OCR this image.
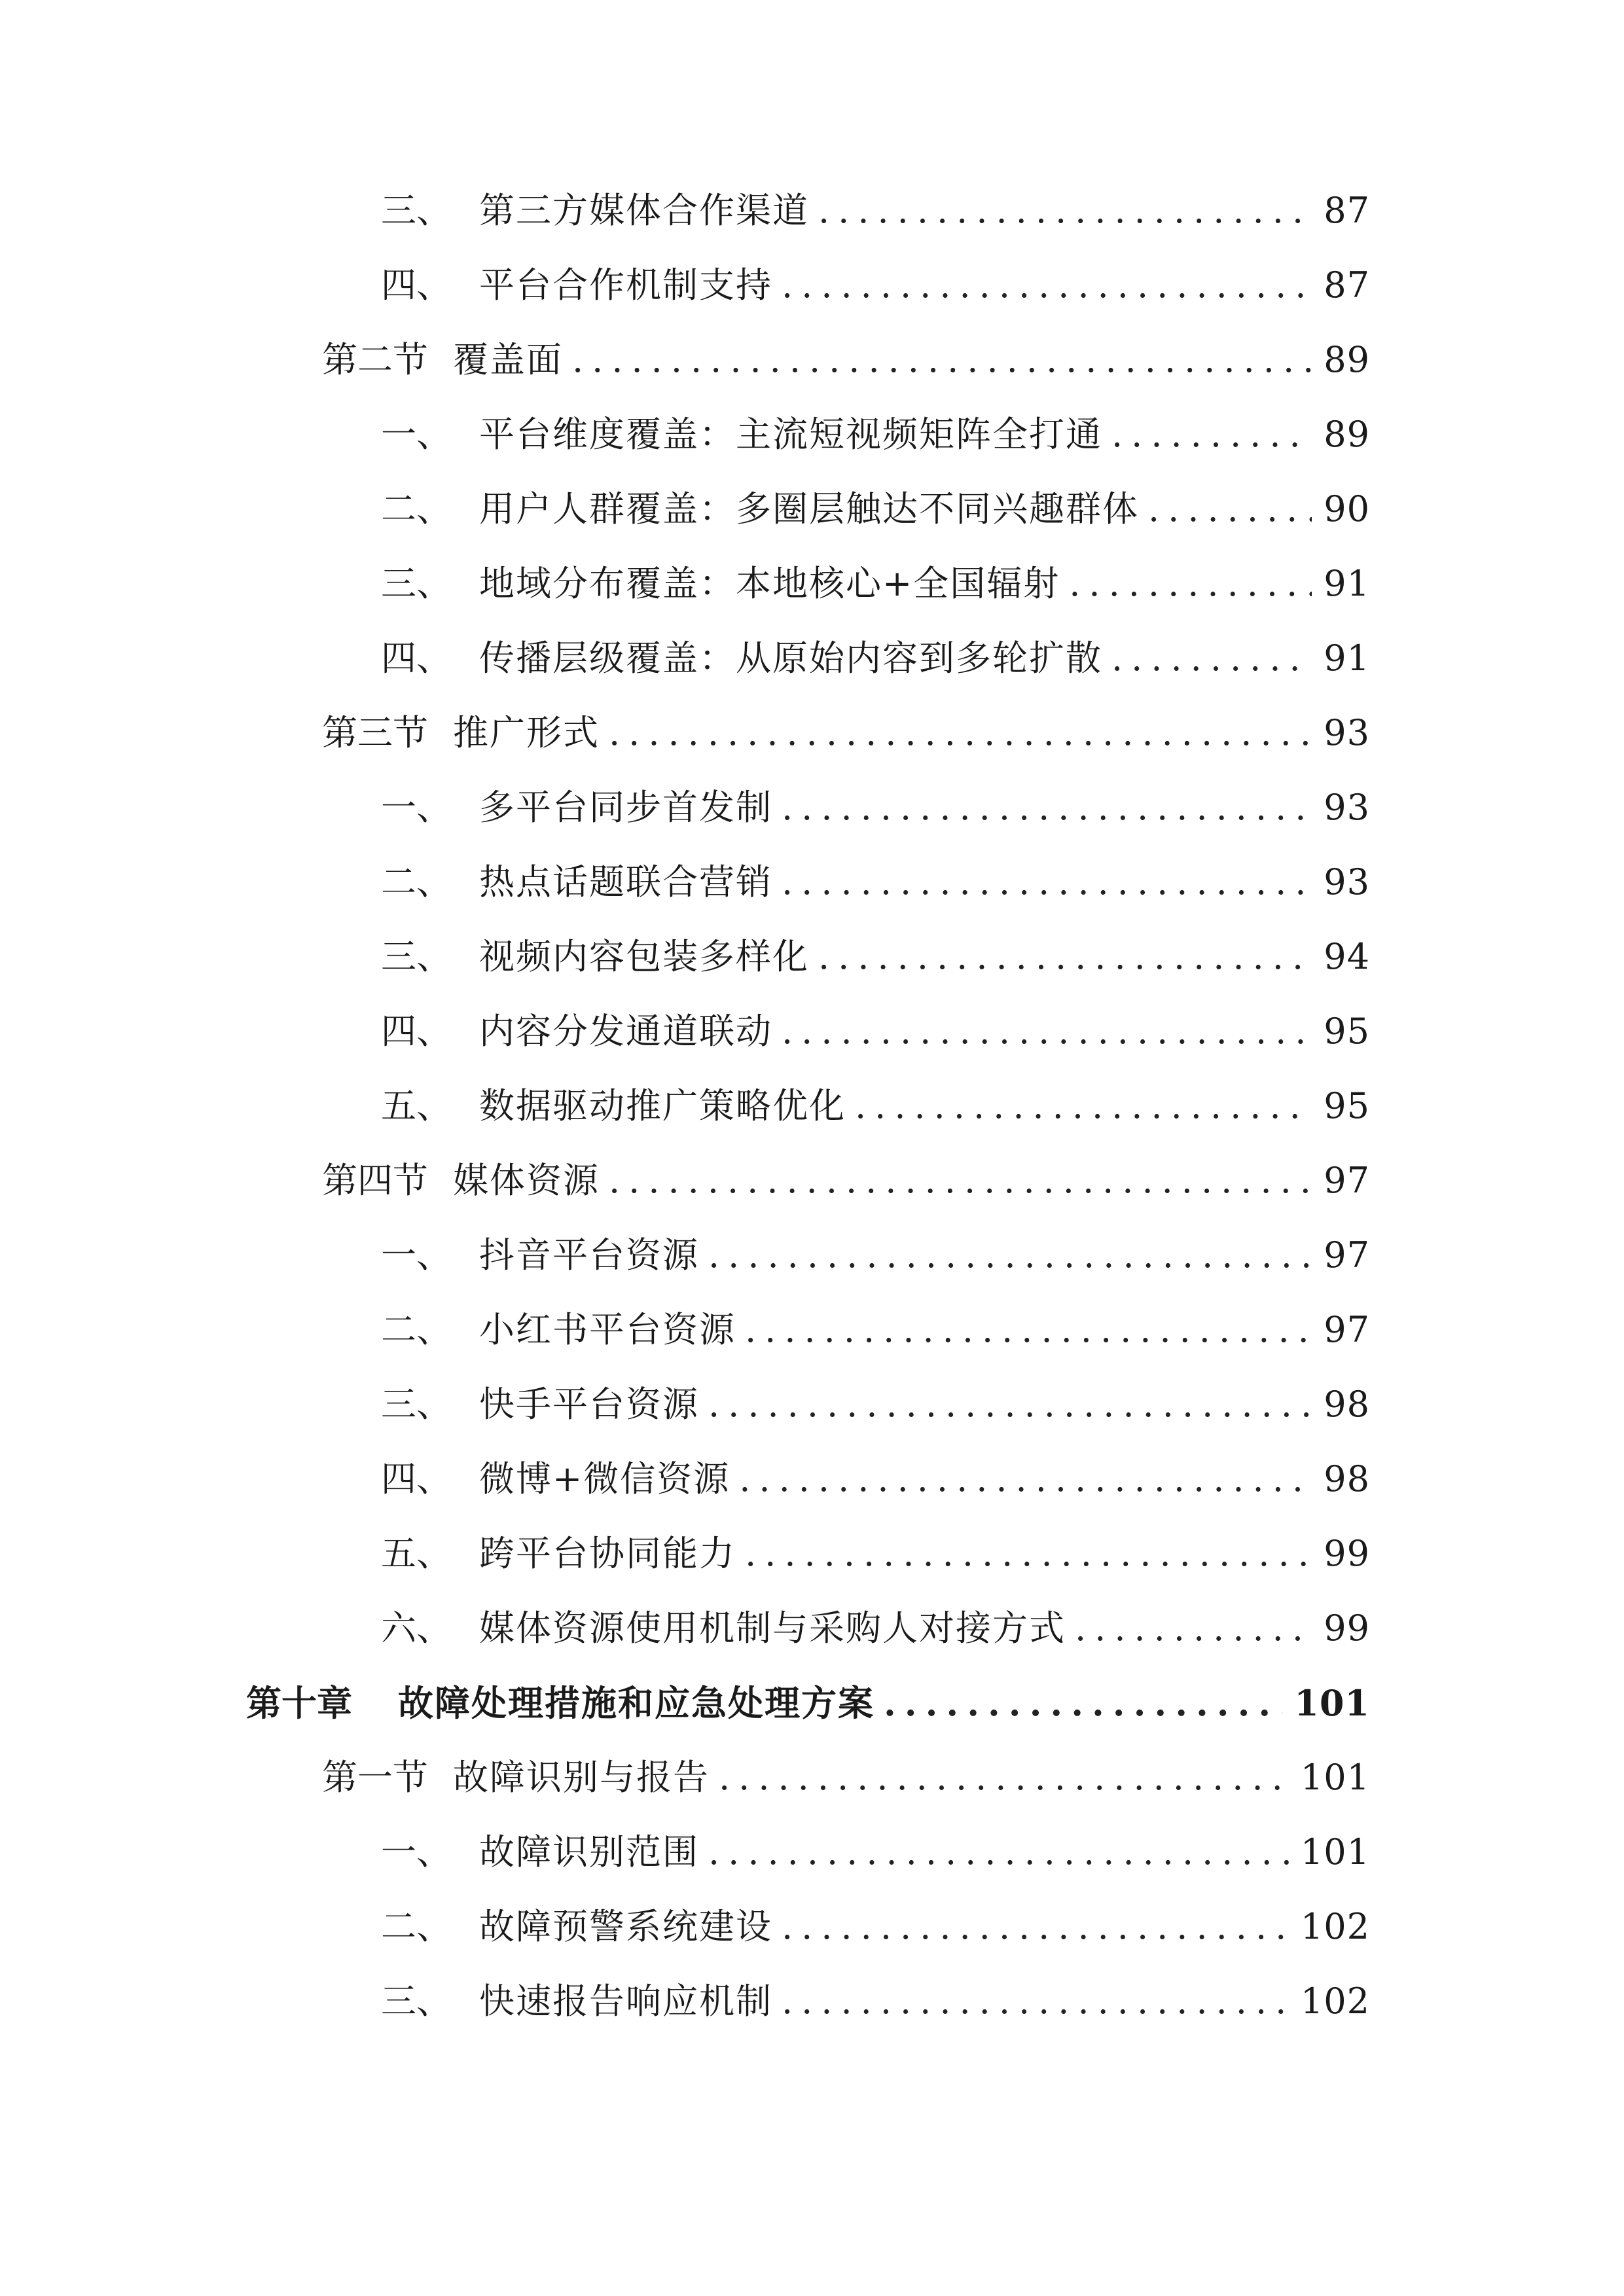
三、 第三方媒体合作渠道 .....	87
四、 平台合作机制支持 .....	87
第二节 覆盖面 .....	89
一、 平台维度覆盖：主流短视频矩阵全打通 .....	89
二、 用户人群覆盖：多圈层触达不同兴趣群体 .....	90
三、 地域分布覆盖：本地核心+全国辐射 .....	91
四、 传播层级覆盖：从原始内容到多轮扩散 .....	91
第三节 推广形式 .....	93
一、 多平台同步首发制 .....	93
二、 热点话题联合营销 .....	93
三、 视频内容包装多样化 .....	94
四、 内容分发通道联动 .....	95
五、 数据驱动推广策略优化 .....	95
第四节 媒体资源 .....	97
一、 抖音平台资源 .....	97
二、 小红书平台资源 .....	97
三、 快手平台资源 .....	98
四、 微博+微信资源 .....	98
五、 跨平台协同能力 .....	99
六、 媒体资源使用机制与采购人对接方式 .....	99
第十章	故障处理措施和应急处理方案 .....	101
第一节 故障识别与报告 .....	101
一、 故障识别范围 .....	101
二、 故障预警系统建设 .....	102
三、 快速报告响应机制 .....	102
